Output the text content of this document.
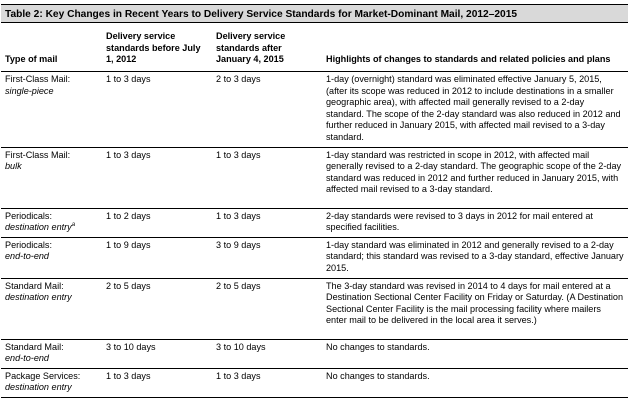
Table 2: Key Changes in Recent Years to Delivery Service Standards for Market-Dominant Mail, 2012–2015
Type of mail	Delivery service standards before July 1, 2012	Delivery service standards after January 4, 2015	Highlights of changes to standards and related policies and plans

First-Class Mail:
single-piece	1 to 3 days	2 to 3 days	1-day (overnight) standard was eliminated effective January 5, 2015, (after its scope was reduced in 2012 to include destinations in a smaller geographic area), with affected mail generally revised to a 2-day standard. The scope of the 2-day standard was also reduced in 2012 and further reduced in January 2015, with affected mail revised to a 3-day standard.

First-Class Mail:
bulk	1 to 3 days	1 to 3 days	1-day standard was restricted in scope in 2012, with affected mail generally revised to a 2-day standard. The geographic scope of the 2-day standard was reduced in 2012 and further reduced in January 2015, with affected mail revised to a 3-day standard.

Periodicals:
destination entry$^a$	1 to 2 days	1 to 3 days	2-day standards were revised to 3 days in 2012 for mail entered at specified facilities.

Periodicals:
end-to-end	1 to 9 days	3 to 9 days	1-day standard was eliminated in 2012 and generally revised to a 2-day standard; this standard was revised to a 3-day standard, effective January 2015.

Standard Mail:
destination entry	2 to 5 days	2 to 5 days	The 3-day standard was revised in 2014 to 4 days for mail entered at a Destination Sectional Center Facility on Friday or Saturday. (A Destination Sectional Center Facility is the mail processing facility where mailers enter mail to be delivered in the local area it serves.)

Standard Mail:
end-to-end	3 to 10 days	3 to 10 days	No changes to standards.

Package Services:
destination entry	1 to 3 days	1 to 3 days	No changes to standards.
